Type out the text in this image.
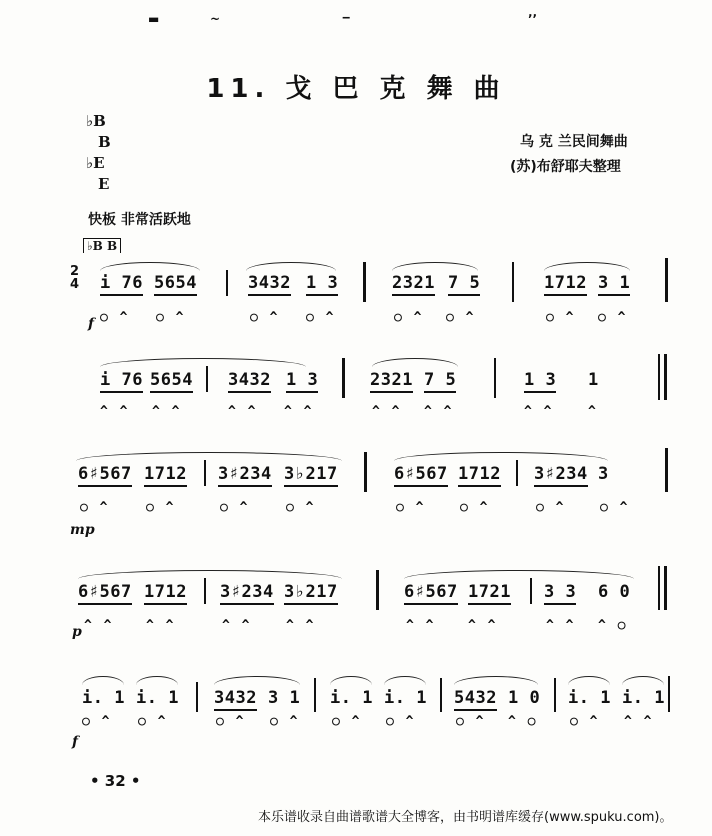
▬	~	‒	ʼʼ
11. 戈 巴 克 舞 曲
♭B
B
♭E
E
乌 克 兰民间舞曲
(苏)布舒耶夫整理
快板 非常活跃地
♭B B
2
4 i 76 5654	3432 1 3	2321 7 5	1712 3 1
f ○ ^ ○ ^	○ ^ ○ ^	○ ^ ○ ^	○ ^ ○ ^
i 76 5654 3432 1 3	2321 7 5	1 3 1
^ ^ ^ ^	^ ^ ^ ^	^ ^ ^ ^	^ ^	^
6♯567 1712 3♯234 3♭217	6♯567 1712 3♯234 3
○ ^	○ ^	○ ^	○ ^	○ ^	○ ^	○ ^	○ ^
mp
6♯567 1712 3♯234 3♭217	6♯567 1721 3 3 6 0
p ^ ^	^ ^	^ ^	^ ^	^ ^	^ ^	^ ^ ^ ○
i. 1 i. 1 3432 3 1 i. 1 i. 1 5432 1 0 i. 1 i. 1
○ ^ ○ ^	○ ^ ○ ^	○ ^ ○ ^	○ ^ ^ ○	○ ^ ^ ^
f
• 32 •
本乐谱收录自曲谱歌谱大全博客，由书明谱库缓存(www.spuku.com)。
